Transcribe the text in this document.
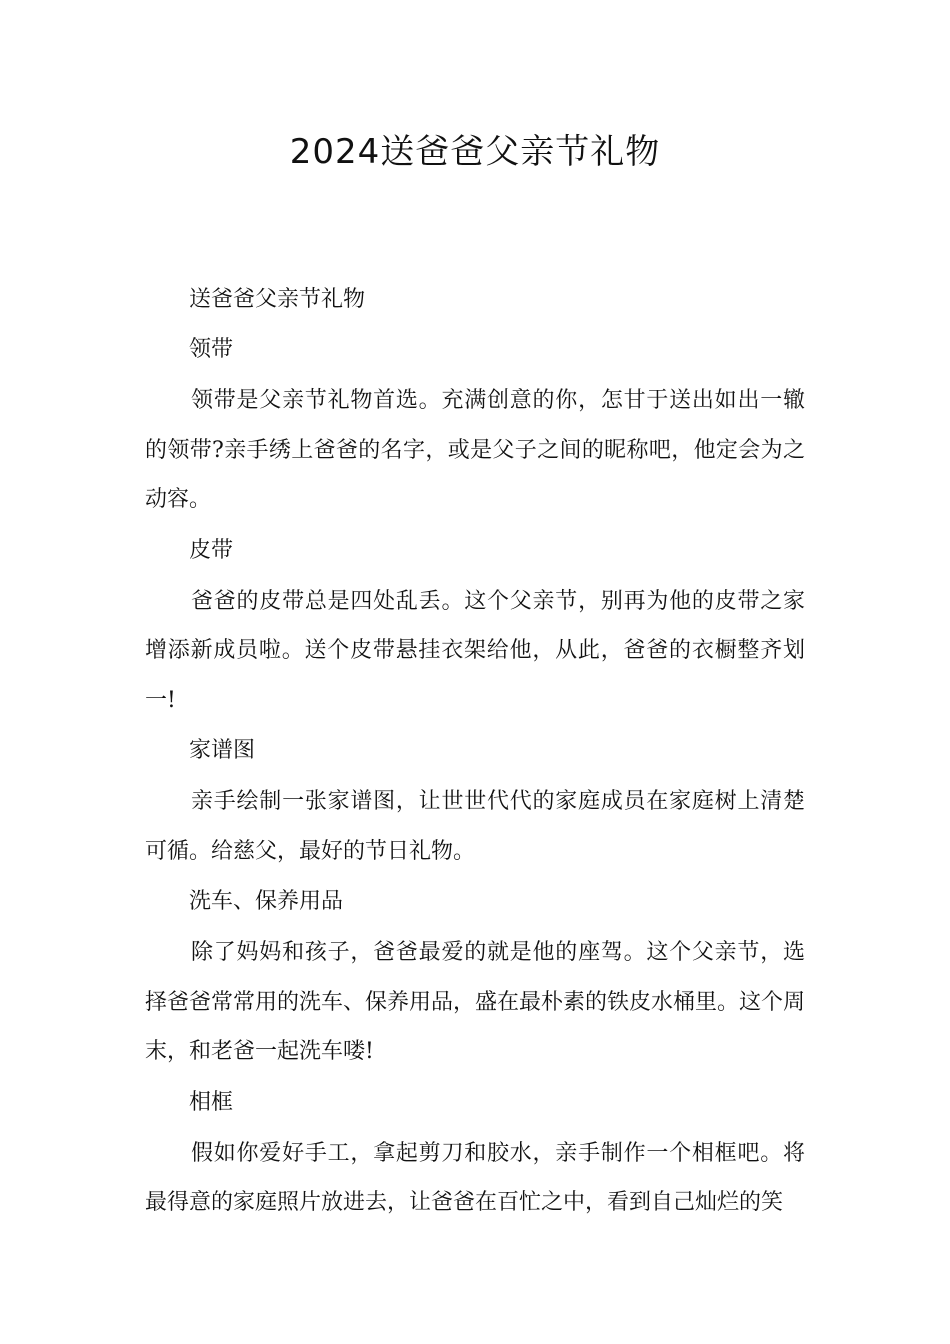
2024送爸爸父亲节礼物
送爸爸父亲节礼物
领带
领带是父亲节礼物首选。充满创意的你，怎甘于送出如出一辙的领带?亲手绣上爸爸的名字，或是父子之间的昵称吧，他定会为之动容。
皮带
爸爸的皮带总是四处乱丢。这个父亲节，别再为他的皮带之家增添新成员啦。送个皮带悬挂衣架给他，从此，爸爸的衣橱整齐划一!
家谱图
亲手绘制一张家谱图，让世世代代的家庭成员在家庭树上清楚可循。给慈父，最好的节日礼物。
洗车、保养用品
除了妈妈和孩子，爸爸最爱的就是他的座驾。这个父亲节，选择爸爸常常用的洗车、保养用品，盛在最朴素的铁皮水桶里。这个周末，和老爸一起洗车喽!
相框
假如你爱好手工，拿起剪刀和胶水，亲手制作一个相框吧。将最得意的家庭照片放进去，让爸爸在百忙之中，看到自己灿烂的笑
